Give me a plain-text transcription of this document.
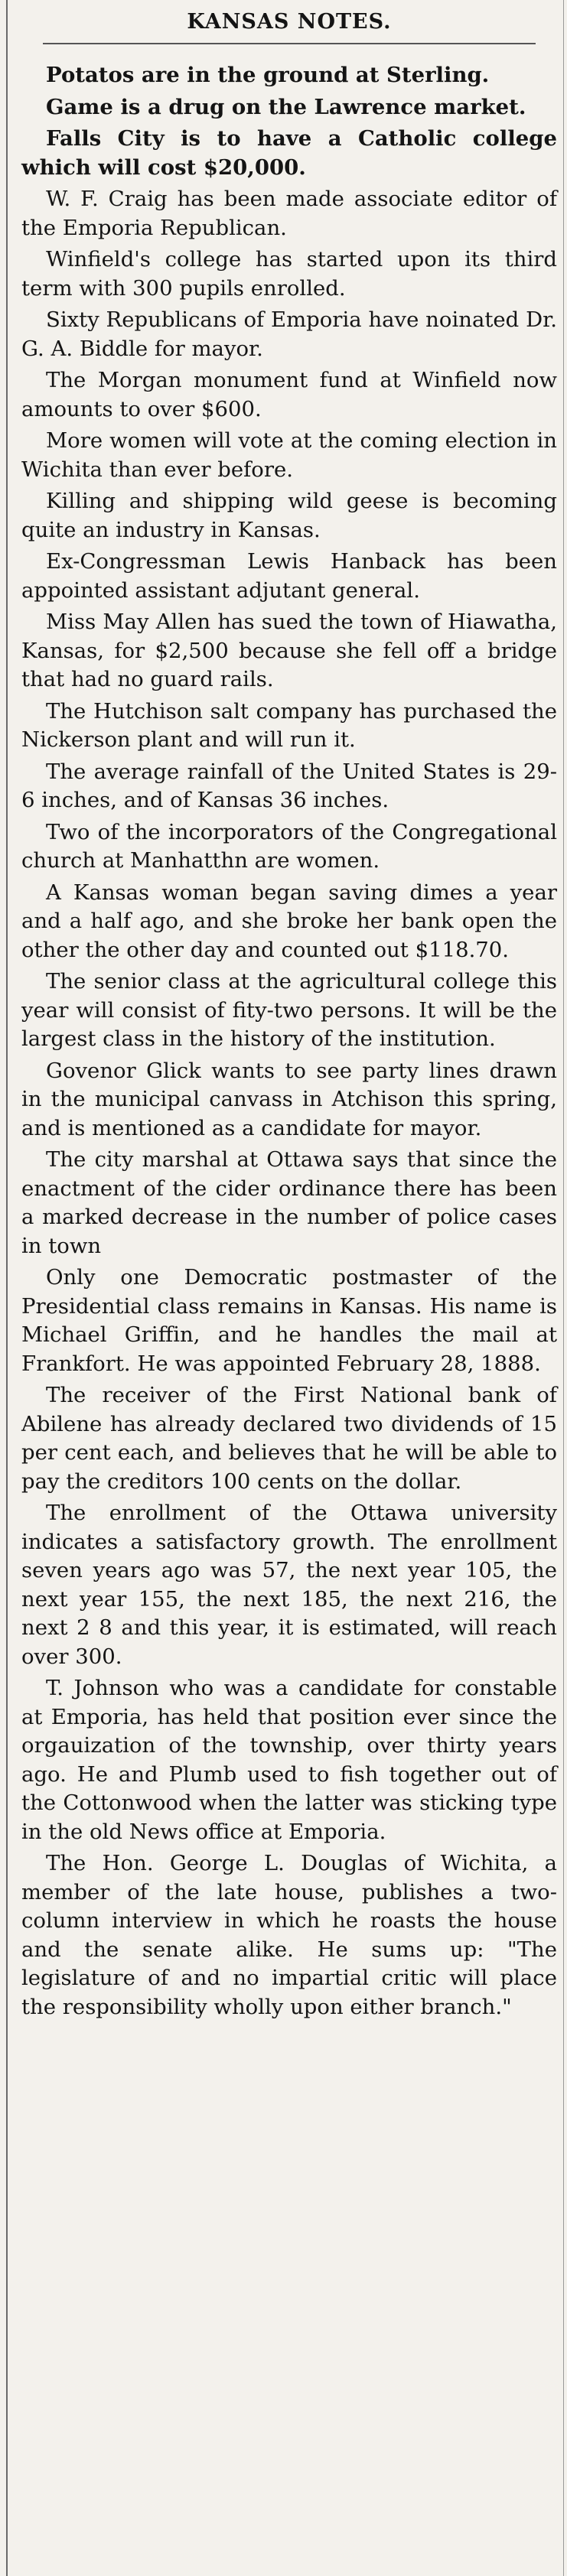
KANSAS NOTES.

Potatos are in the ground at Sterling.

Game is a drug on the Lawrence market.

Falls City is to have a Catholic college which will cost $20,000.

W. F. Craig has been made associate editor of the Emporia Republican.

Winfield's college has started upon its third term with 300 pupils enrolled.

Sixty Republicans of Emporia have noinated Dr. G. A. Biddle for mayor.

The Morgan monument fund at Winfield now amounts to over $600.

More women will vote at the coming election in Wichita than ever before.

Killing and shipping wild geese is becoming quite an industry in Kansas.

Ex-Congressman Lewis Hanback has been appointed assistant adjutant general.

Miss May Allen has sued the town of Hiawatha, Kansas, for $2,500 because she fell off a bridge that had no guard rails.

The Hutchison salt company has purchased the Nickerson plant and will run it.

The average rainfall of the United States is 29-6 inches, and of Kansas 36 inches.

Two of the incorporators of the Congregational church at Manhatthn are women.

A Kansas woman began saving dimes a year and a half ago, and she broke her bank open the other the other day and counted out $118.70.

The senior class at the agricultural college this year will consist of fity-two persons. It will be the largest class in the history of the institution.

Govenor Glick wants to see party lines drawn in the municipal canvass in Atchison this spring, and is mentioned as a candidate for mayor.

The city marshal at Ottawa says that since the enactment of the cider ordinance there has been a marked decrease in the number of police cases in town

Only one Democratic postmaster of the Presidential class remains in Kansas. His name is Michael Griffin, and he handles the mail at Frankfort. He was appointed February 28, 1888.

The receiver of the First National bank of Abilene has already declared two dividends of 15 per cent each, and believes that he will be able to pay the creditors 100 cents on the dollar.

The enrollment of the Ottawa university indicates a satisfactory growth. The enrollment seven years ago was 57, the next year 105, the next year 155, the next 185, the next 216, the next 2 8 and this year, it is estimated, will reach over 300.

T. Johnson who was a candidate for constable at Emporia, has held that position ever since the orgauization of the township, over thirty years ago. He and Plumb used to fish together out of the Cottonwood when the latter was sticking type in the old News office at Emporia.

The Hon. George L. Douglas of Wichita, a member of the late house, publishes a two-column interview in which he roasts the house and the senate alike. He sums up: "The legislature of and no impartial critic will place the responsibility wholly upon either branch."
